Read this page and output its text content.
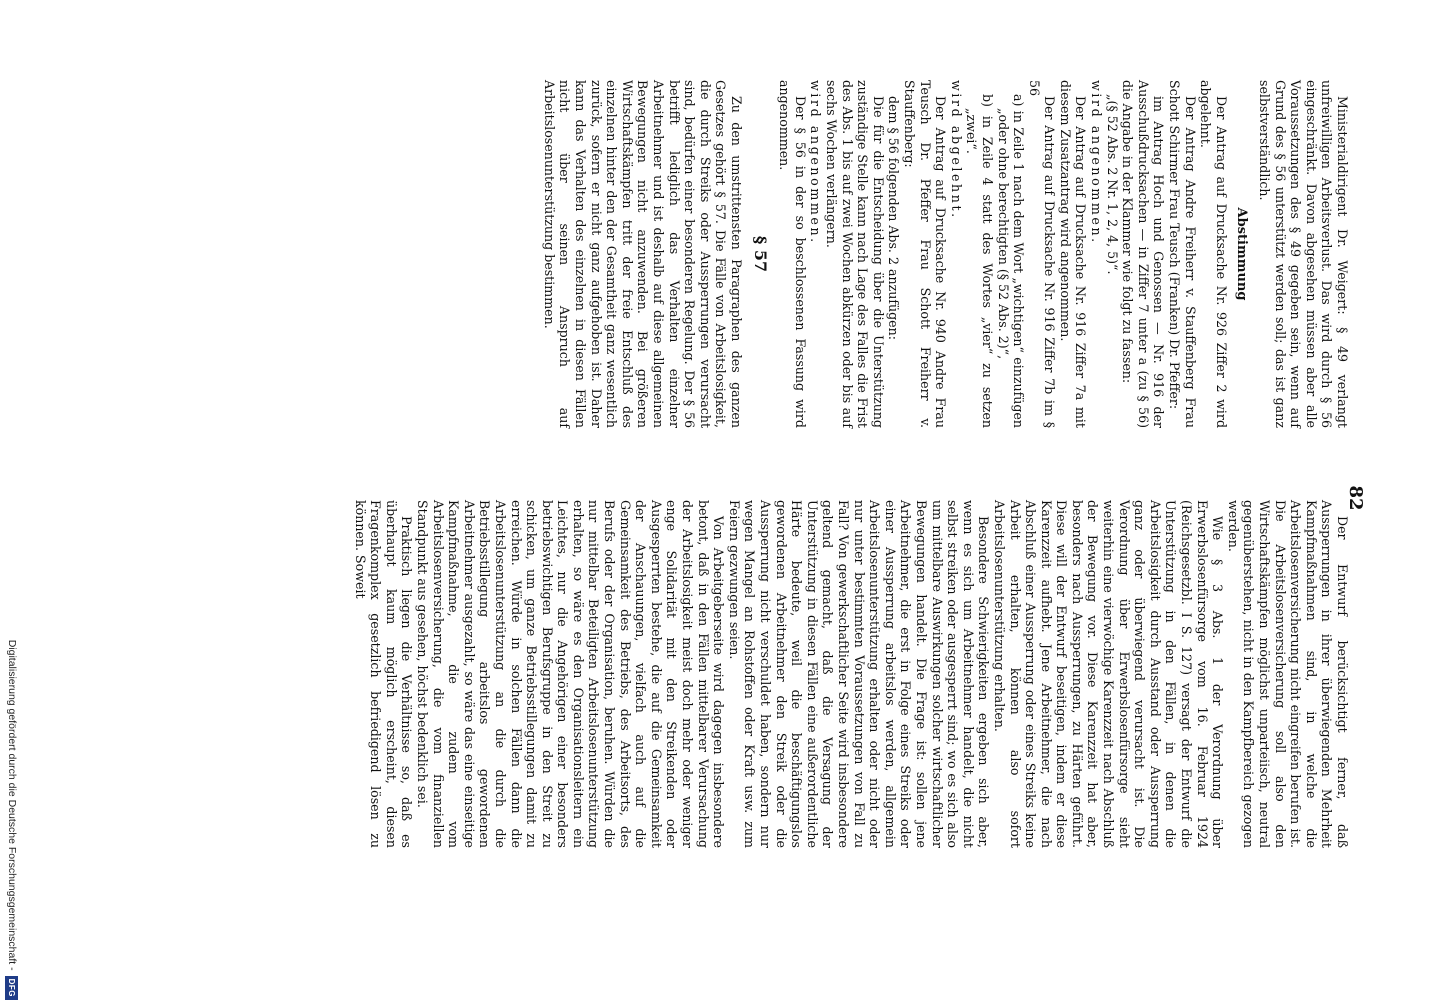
82

Ministerialdirigent Dr. Weigert: § 49 verlangt unfreiwilligen Arbeitsverlust. Das wird durch § 56 eingeschränkt. Davon abgesehen müssen aber alle Voraussetzungen des § 49 gegeben sein, wenn auf Grund des § 56 unterstützt werden soll; das ist ganz selbstverständlich.

Abstimmung

Der Antrag auf Drucksache Nr. 926 Ziffer 2 wird abgelehnt.

Der Antrag Andre Freiherr v. Stauffenberg Frau Schott Schirmer Frau Teusch (Franken) Dr. Pfeffer:

im Antrag Hoch und Genossen — Nr. 916 der Ausschußdrucksachen — in Ziffer 7 unter a (zu § 56) die Angabe in der Klammer wie folgt zu fassen:

„(§ 52 Abs. 2 Nr. 1, 2, 4, 5)“.

wird angenommen.

Der Antrag auf Drucksache Nr. 916 Ziffer 7a mit diesem Zusatzantrag wird angenommen.

Der Antrag auf Drucksache Nr. 916 Ziffer 7b im § 56

a) in Zeile 1 nach dem Wort „wichtigen“ einzufügen „oder ohne berechtigten (§ 52 Abs. 2)“,

b) in Zeile 4 statt des Wortes „vier“ zu setzen „zwei“.

wird abgelehnt.

Der Antrag auf Drucksache Nr. 940 Andre Frau Teusch Dr. Pfeffer Frau Schott Freiherr v. Stauffenberg:

dem § 56 folgenden Abs. 2 anzufügen:

Die für die Entscheidung über die Unterstützung zuständige Stelle kann nach Lage des Falles die Frist des Abs. 1 bis auf zwei Wochen abkürzen oder bis auf sechs Wochen verlängern.

wird angenommen.

Der § 56 in der so beschlossenen Fassung wird angenommen.

§ 57

Zu den umstrittensten Paragraphen des ganzen Gesetzes gehört § 57. Die Fälle von Arbeitslosigkeit, die durch Streiks oder Aussperrungen verursacht sind, bedürfen einer besonderen Regelung. Der § 56 betrifft lediglich das Verhalten einzelner Arbeitnehmer und ist deshalb auf diese allgemeinen Bewegungen nicht anzuwenden. Bei größeren Wirtschaftskämpfen tritt der freie Entschluß des einzelnen hinter den der Gesamtheit ganz wesentlich zurück, sofern er nicht ganz aufgehoben ist. Daher kann das Verhalten des einzelnen in diesen Fällen nicht über seinen Anspruch auf Arbeitslosenunterstützung bestimmen.

Der Entwurf berücksichtigt ferner, daß Aussperrungen in ihrer überwiegenden Mehrheit Kampfmaßnahmen sind, in welche die Arbeitslosenversicherung nicht eingreifen berufen ist. Die Arbeitslosenversicherung soll also den Wirtschaftskämpfen möglichst unparteiisch, neutral gegenüberstehen, nicht in den Kampfbereich gezogen werden.

Wie § 3 Abs. 1 der Verordnung über Erwerbslosenfürsorge vom 16. Februar 1924 (Reichsgesetzbl. I S. 127) versagt der Entwurf die Unterstützung in den Fällen, in denen die Arbeitslosigkeit durch Ausstand oder Aussperrung ganz oder überwiegend verursacht ist. Die Verordnung über Erwerbslosenfürsorge sieht weiterhin eine vierwöchige Karenzzeit nach Abschluß der Bewegung vor. Diese Karenzzeit hat aber, besonders nach Aussperrungen, zu Härten geführt. Diese will der Entwurf beseitigen, indem er diese Karenzzeit aufhebt. Jene Arbeitnehmer, die nach Abschluß einer Aussperrung oder eines Streiks keine Arbeit erhalten, können also sofort Arbeitslosenunterstützung erhalten.

Besondere Schwierigkeiten ergeben sich aber, wenn es sich um Arbeitnehmer handelt, die nicht selbst streiken oder ausgesperrt sind; wo es sich also um mittelbare Auswirkungen solcher wirtschaftlicher Bewegungen handelt. Die Frage ist: sollen jene Arbeitnehmer, die erst in Folge eines Streiks oder einer Aussperrung arbeitslos werden, allgemein Arbeitslosenunterstützung erhalten oder nicht oder nur unter bestimmten Voraussetzungen von Fall zu Fall? Von gewerkschaftlicher Seite wird insbesondere geltend gemacht, daß die Versagung der Unterstützung in diesen Fällen eine außerordentliche Härte bedeute, weil die beschäftigungslos gewordenen Arbeitnehmer den Streik oder die Aussperrung nicht verschuldet haben, sondern nur wegen Mangel an Rohstoffen oder Kraft usw. zum Feiern gezwungen seien.

Von Arbeitgeberseite wird dagegen insbesondere betont, daß in den Fällen mittelbarer Verursachung der Arbeitslosigkeit meist doch mehr oder weniger enge Solidarität mit den Streikenden oder Ausgesperrten bestehe, die auf die Gemeinsamkeit der Anschauungen, vielfach auch auf die Gemeinsamkeit des Betriebs, des Arbeitsorts, des Berufs oder der Organisation, beruhen. Würden die nur mittelbar Beteiligten Arbeitslosenunterstützung erhalten, so wäre es den Organisationsleitern ein Leichtes, nur die Angehörigen einer besonders betriebswichtigen Berufsgruppe in den Streit zu schicken, um ganze Betriebsstillegungen damit zu erreichen. Würde in solchen Fällen dann die Arbeitslosenunterstützung an die durch die Betriebsstillegung arbeitslos gewordenen Arbeitnehmer ausgezahlt, so wäre das eine einseitige Kampfmaßnahme, die zudem vom Arbeitslosenversicherung, die vom finanziellen Standpunkt aus gesehen, höchst bedenklich sei.

Praktisch liegen die Verhältnisse so, daß es überhaupt kaum möglich erscheint, diesen Fragenkomplex gesetzlich befriedigend lösen zu können. Soweit

Digitalisierung gefördert durch die Deutsche Forschungsgemeinschaft -
DFG
